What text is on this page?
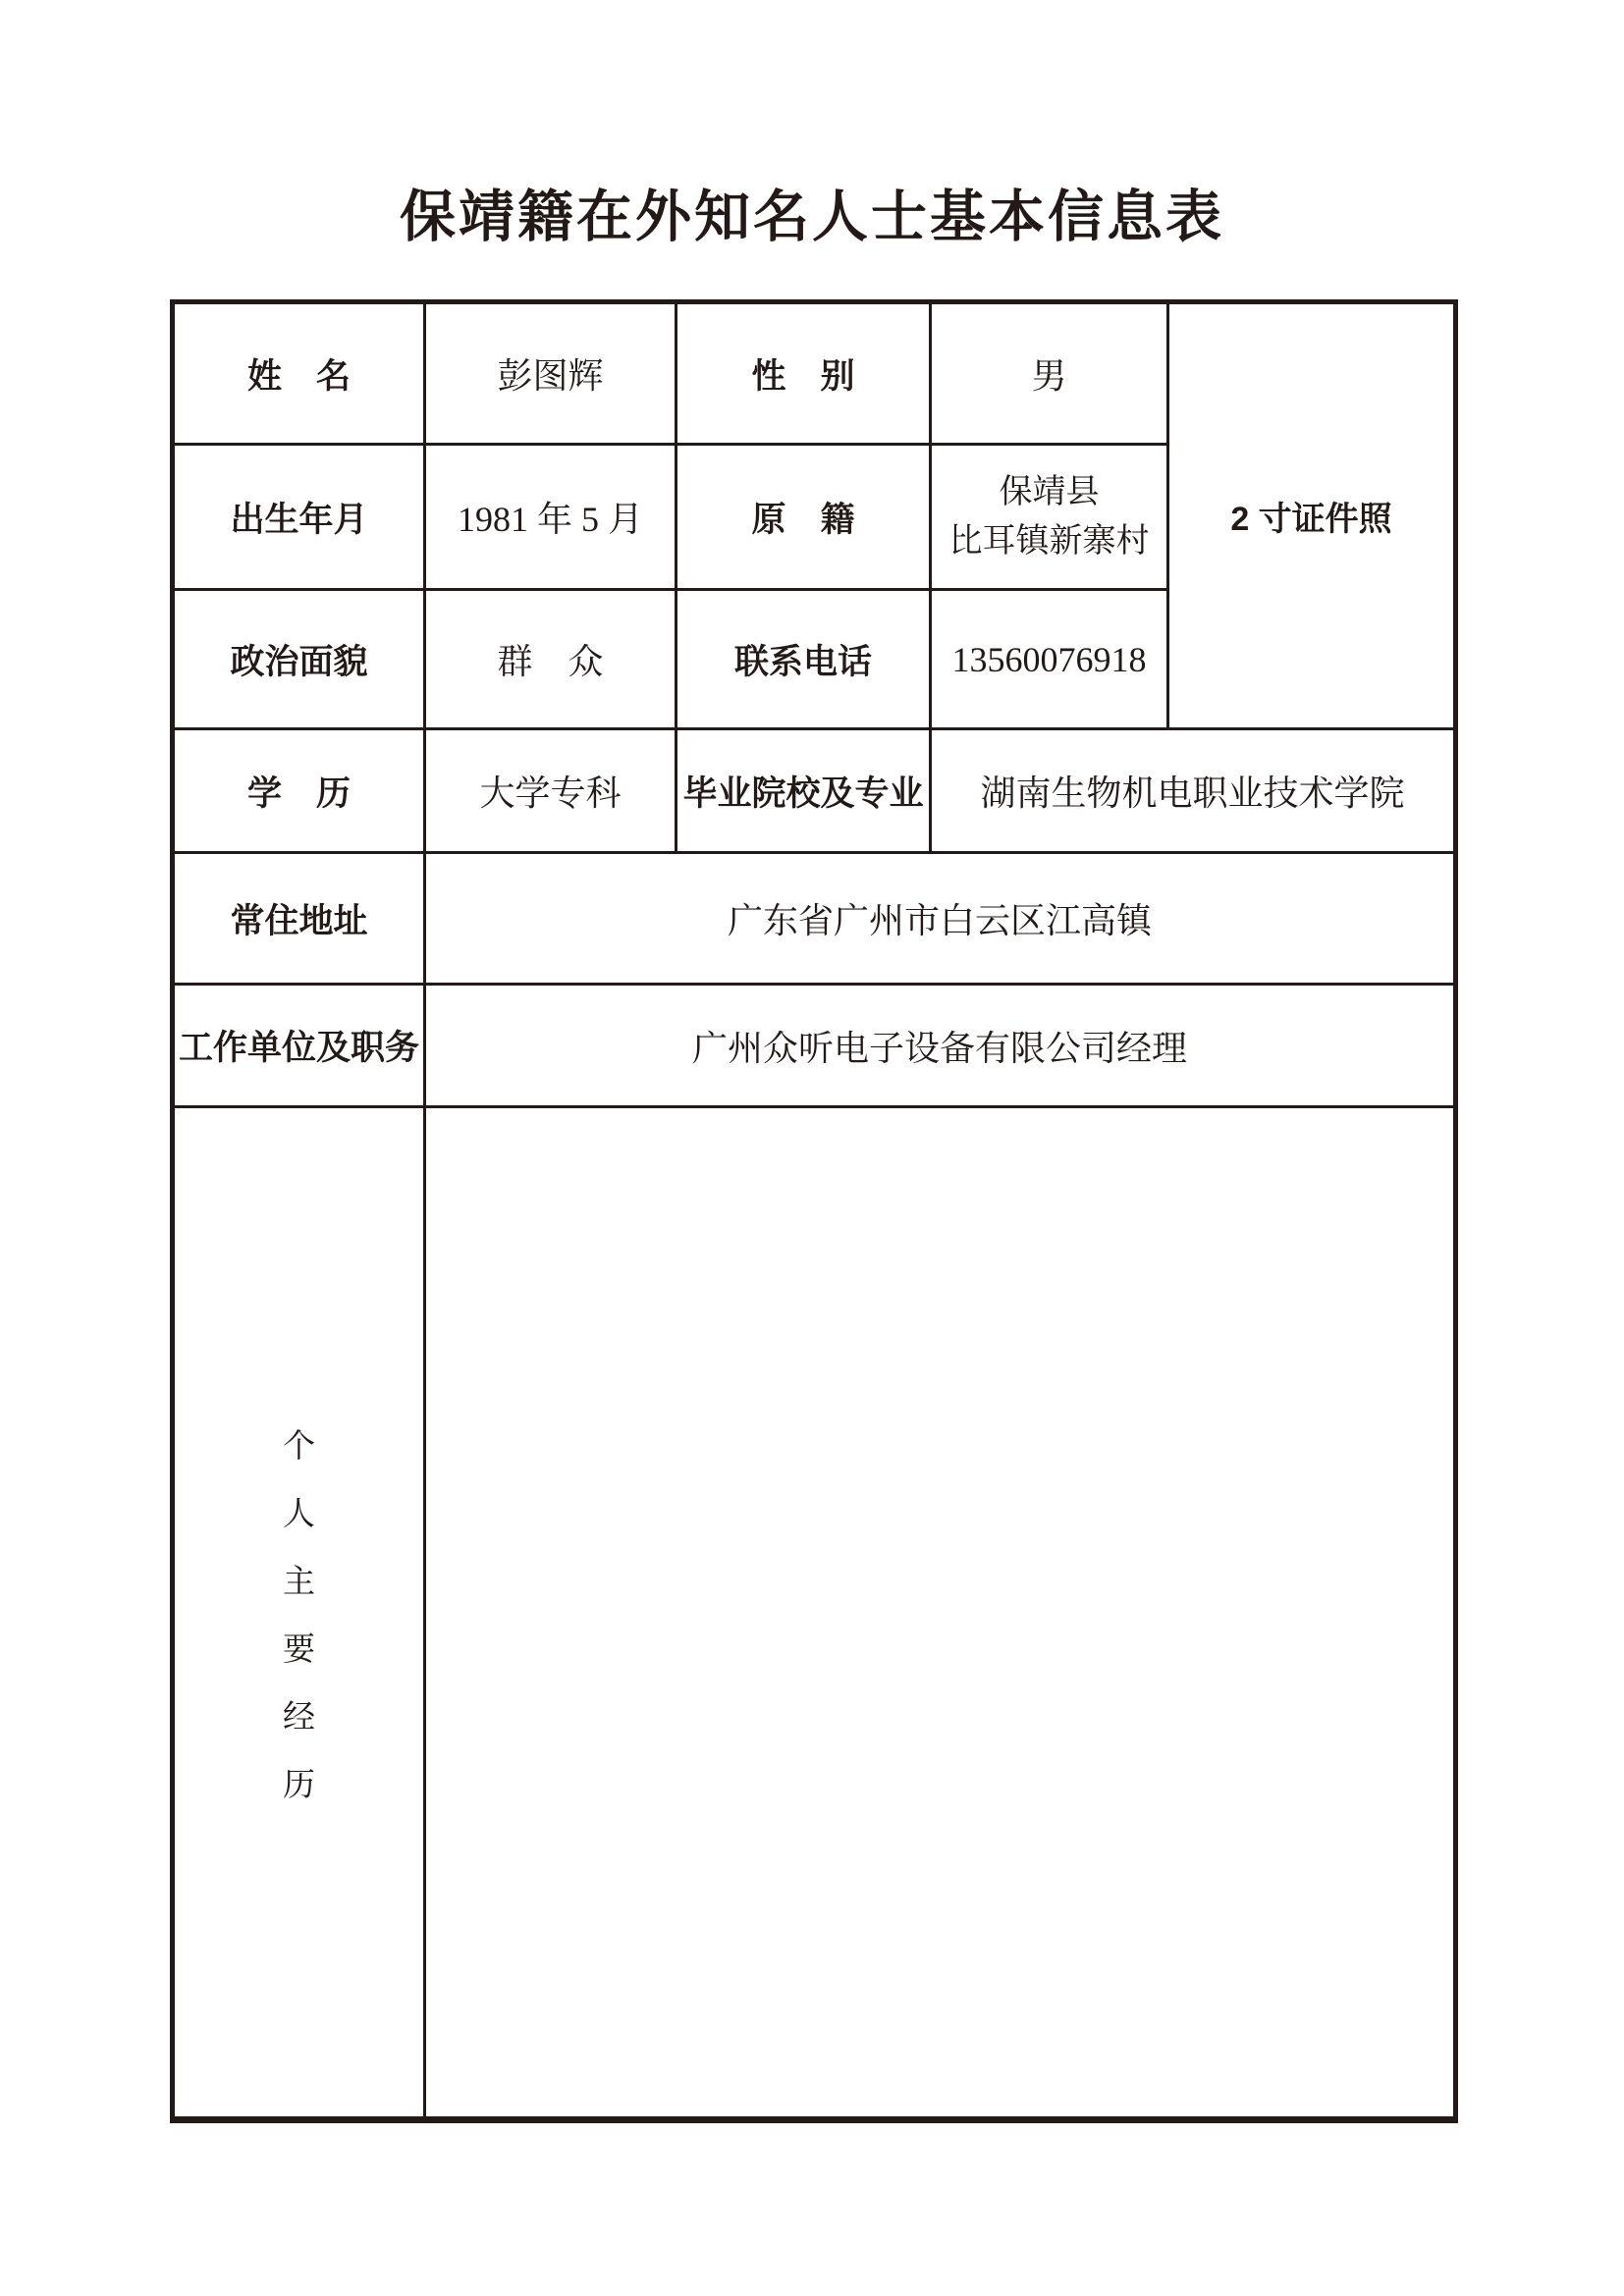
保靖籍在外知名人士基本信息表
姓　名	彭图辉	性　别	男	2 寸证件照
出生年月	1981 年 5 月	原　籍	保靖县
比耳镇新寨村	

政治面貌	群　众	联系电话	13560076918	
学　历	大学专科	毕业院校及专业	湖南生物机电职业技术学院	
常住地址	广东省广州市白云区江高镇			
工作单位及职务	广州众听电子设备有限公司经理			

个
人
主
要
经
历
